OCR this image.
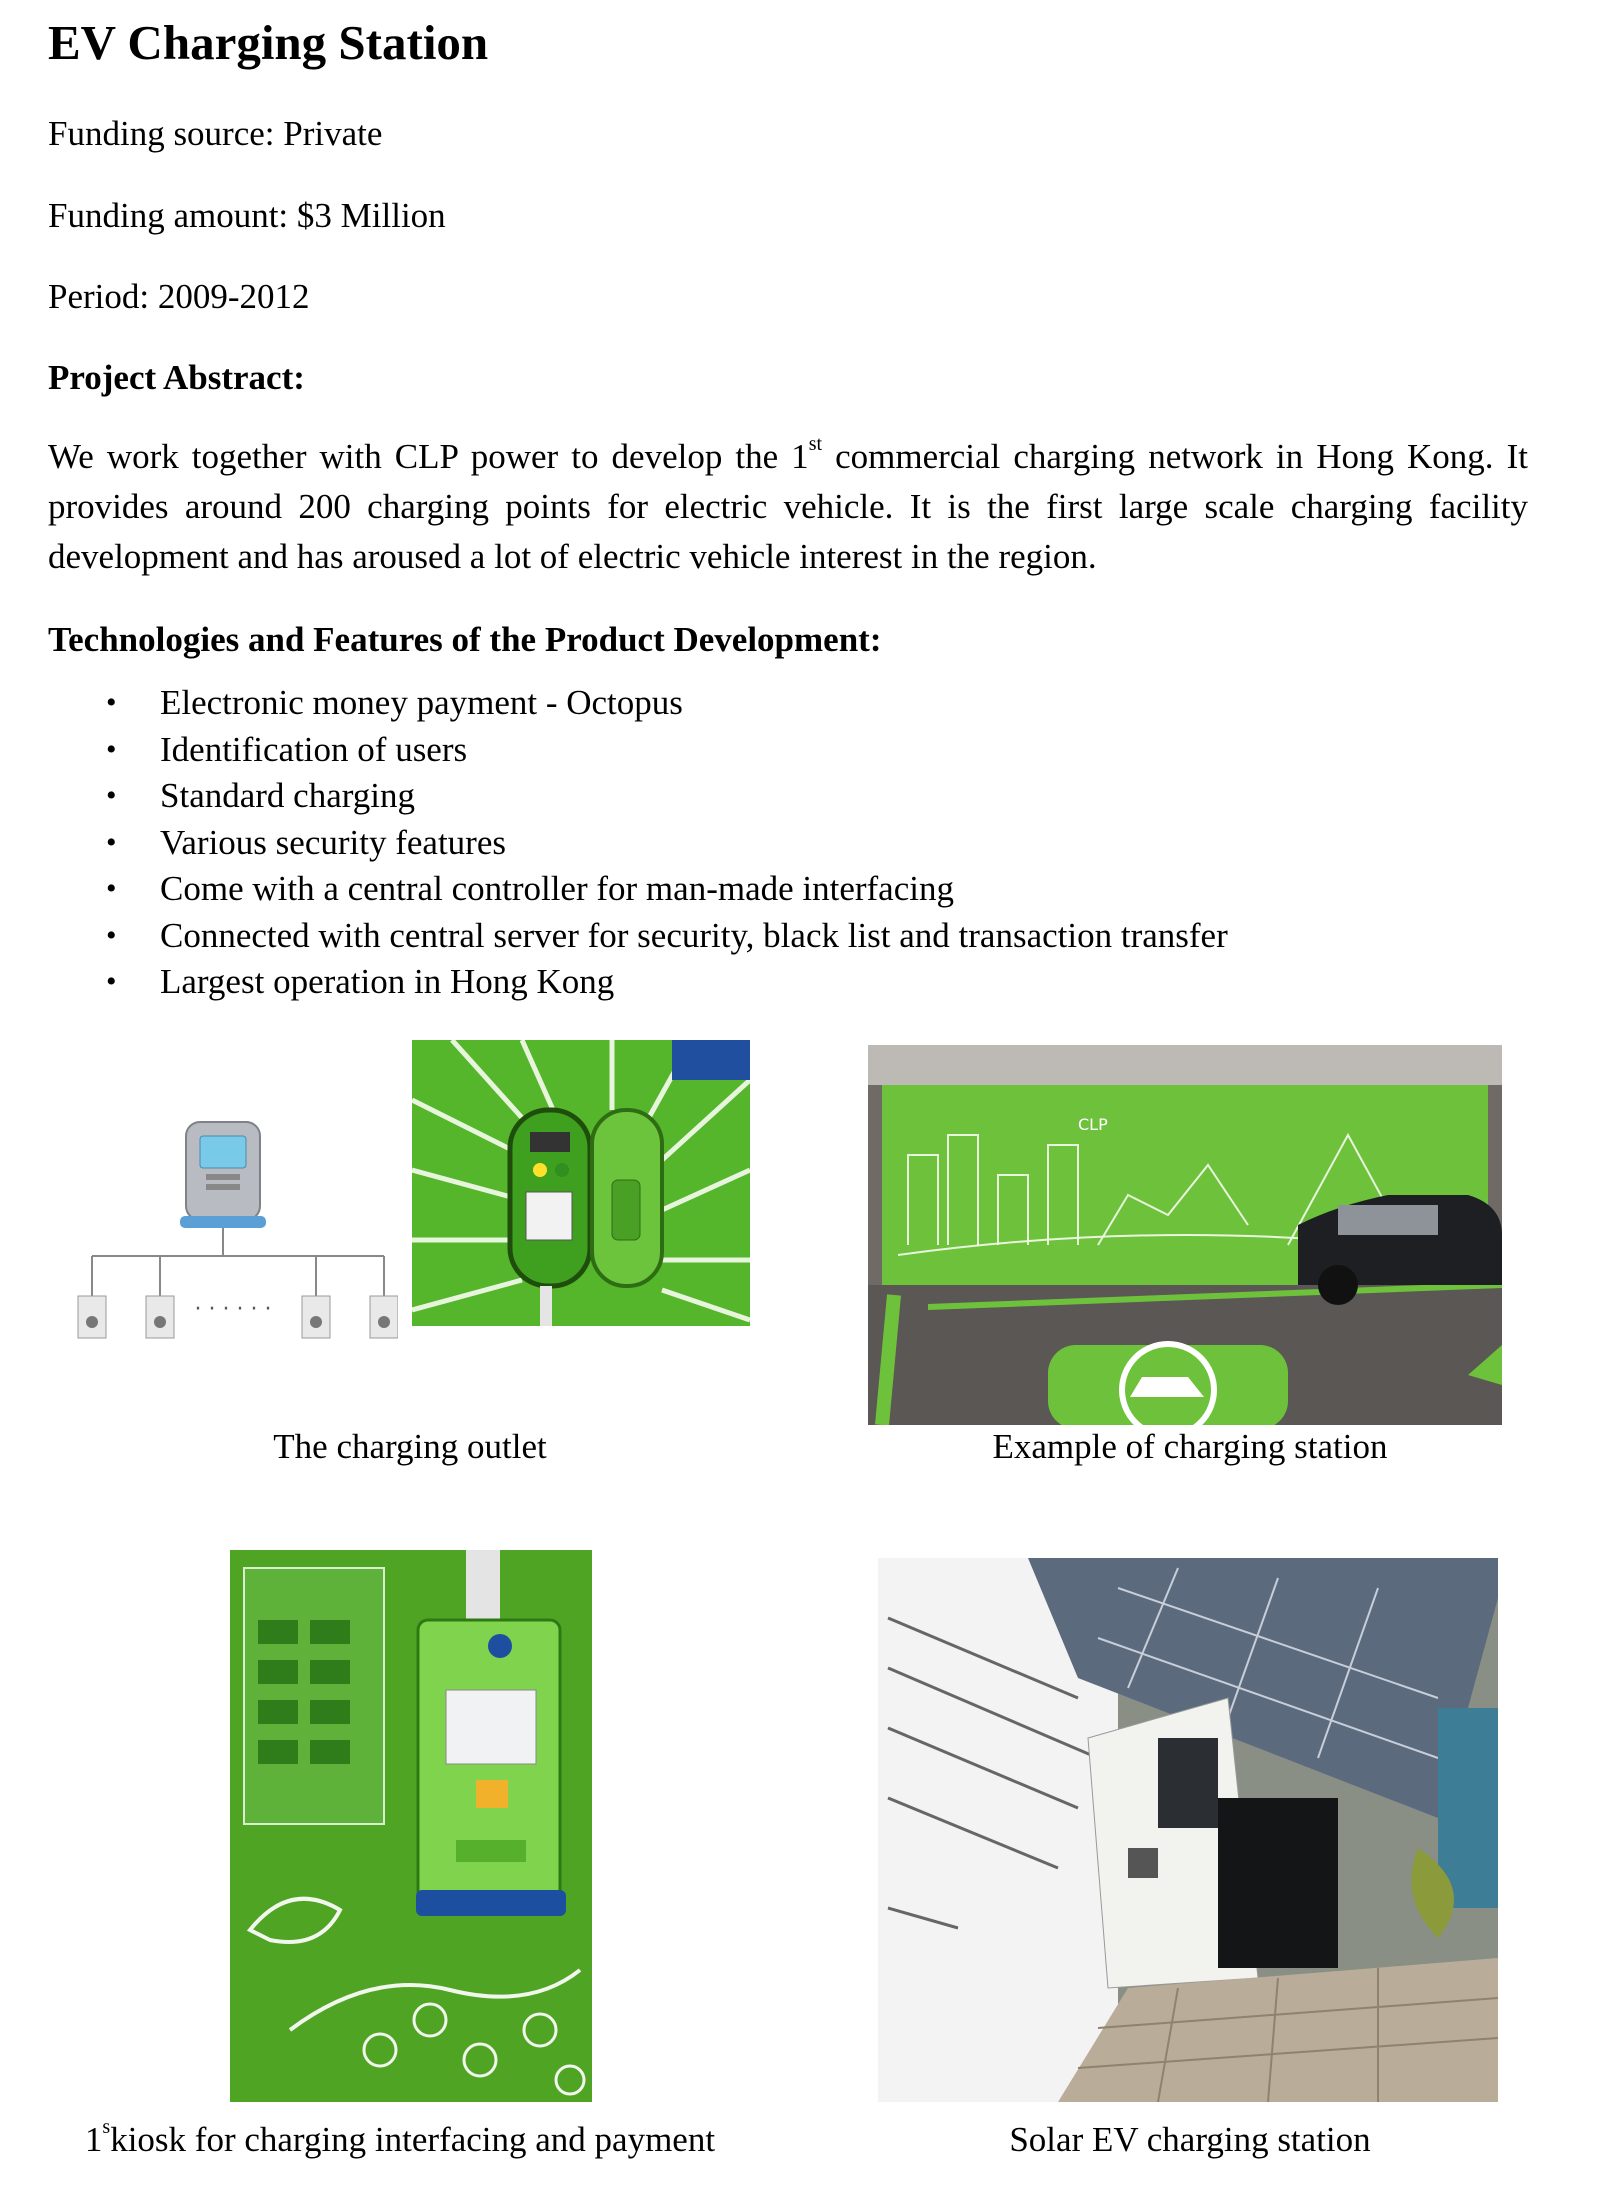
EV Charging Station

Funding source: Private

Funding amount: $3 Million

Period: 2009-2012

Project Abstract:

We work together with CLP power to develop the 1st commercial charging network in Hong Kong. It provides around 200 charging points for electric vehicle. It is the first large scale charging facility development and has aroused a lot of electric vehicle interest in the region.

Technologies and Features of the Product Development:

• Electronic money payment - Octopus
• Identification of users
• Standard charging
• Various security features
• Come with a central controller for man-made interfacing
• Connected with central server for security, black list and transaction transfer
• Largest operation in Hong Kong
· · · · · ·
CLP

The charging outlet	Example of charging station

1$^s$kiosk for charging interfacing and payment	Solar EV charging station
